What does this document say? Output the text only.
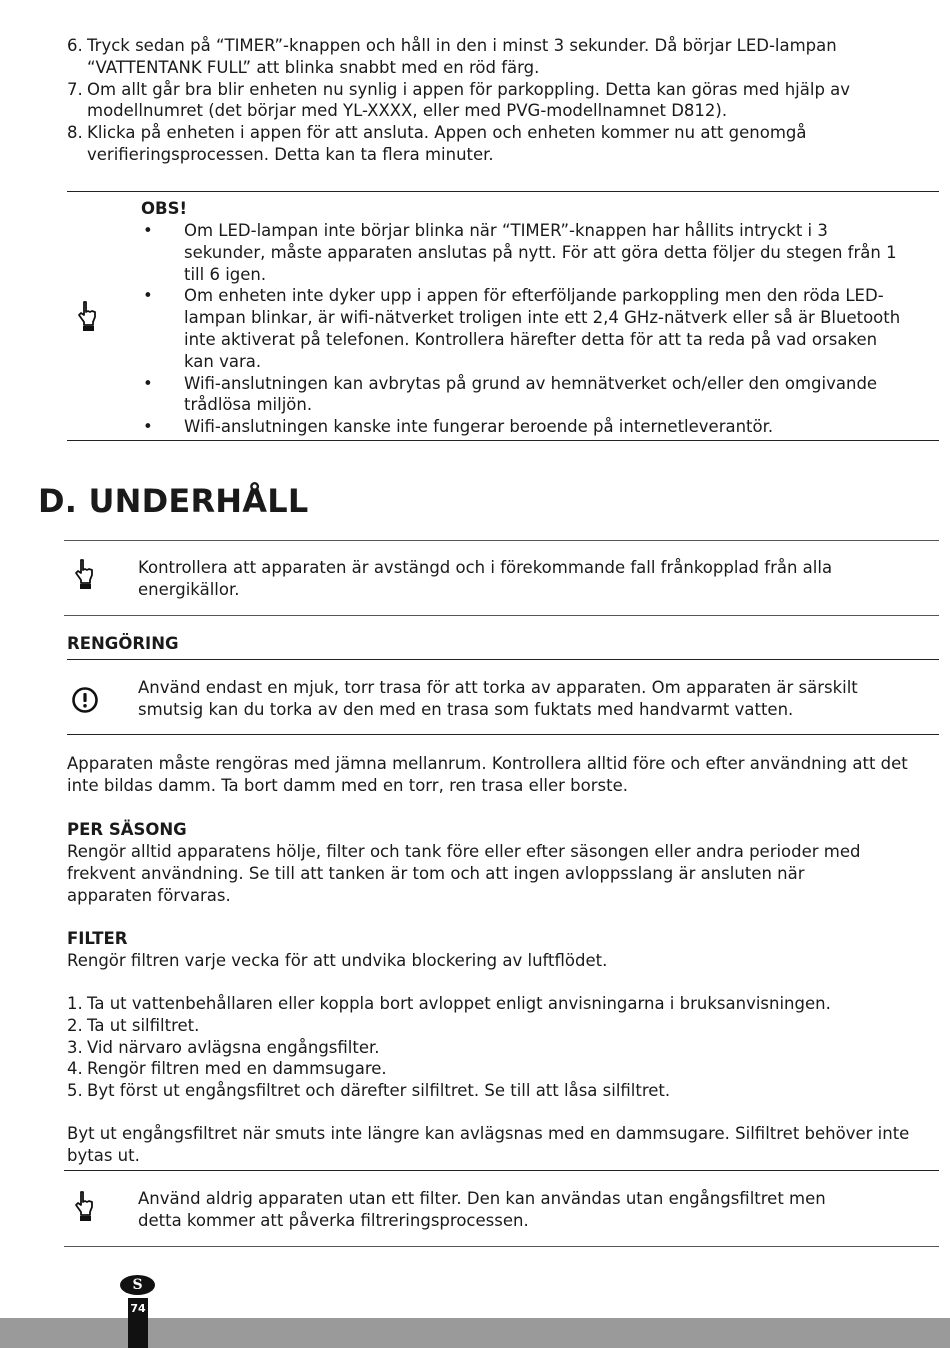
6. Tryck sedan på “TIMER”-knappen och håll in den i minst 3 sekunder. Då börjar LED-lampan “VATTENTANK FULL” att blinka snabbt med en röd färg.
7. Om allt går bra blir enheten nu synlig i appen för parkoppling. Detta kan göras med hjälp av modellnumret (det börjar med YL-XXXX, eller med PVG-modellnamnet D812).
8. Klicka på enheten i appen för att ansluta. Appen och enheten kommer nu att genomgå verifieringsprocessen. Detta kan ta flera minuter.
OBS!
• Om LED-lampan inte börjar blinka när “TIMER”-knappen har hållits intryckt i 3 sekunder, måste apparaten anslutas på nytt. För att göra detta följer du stegen från 1 till 6 igen.
• Om enheten inte dyker upp i appen för efterföljande parkoppling men den röda LED-lampan blinkar, är wifi-nätverket troligen inte ett 2,4 GHz-nätverk eller så är Bluetooth inte aktiverat på telefonen. Kontrollera härefter detta för att ta reda på vad orsaken kan vara.
• Wifi-anslutningen kan avbrytas på grund av hemnätverket och/eller den omgivande trådlösa miljön.
• Wifi-anslutningen kanske inte fungerar beroende på internetleverantör.
D. UNDERHÅLL
Kontrollera att apparaten är avstängd och i förekommande fall frånkopplad från alla energikällor.
RENGÖRING
Använd endast en mjuk, torr trasa för att torka av apparaten. Om apparaten är särskilt smutsig kan du torka av den med en trasa som fuktats med handvarmt vatten.
Apparaten måste rengöras med jämna mellanrum. Kontrollera alltid före och efter användning att det inte bildas damm. Ta bort damm med en torr, ren trasa eller borste.
PER SÄSONG
Rengör alltid apparatens hölje, filter och tank före eller efter säsongen eller andra perioder med frekvent användning. Se till att tanken är tom och att ingen avloppsslang är ansluten när apparaten förvaras.
FILTER
Rengör filtren varje vecka för att undvika blockering av luftflödet.
1. Ta ut vattenbehållaren eller koppla bort avloppet enligt anvisningarna i bruksanvisningen.
2. Ta ut silfiltret.
3. Vid närvaro avlägsna engångsfilter.
4. Rengör filtren med en dammsugare.
5. Byt först ut engångsfiltret och därefter silfiltret. Se till att låsa silfiltret.
Byt ut engångsfiltret när smuts inte längre kan avlägsnas med en dammsugare. Silfiltret behöver inte bytas ut.
Använd aldrig apparaten utan ett filter. Den kan användas utan engångsfiltret men detta kommer att påverka filtreringsprocessen.
S
74
